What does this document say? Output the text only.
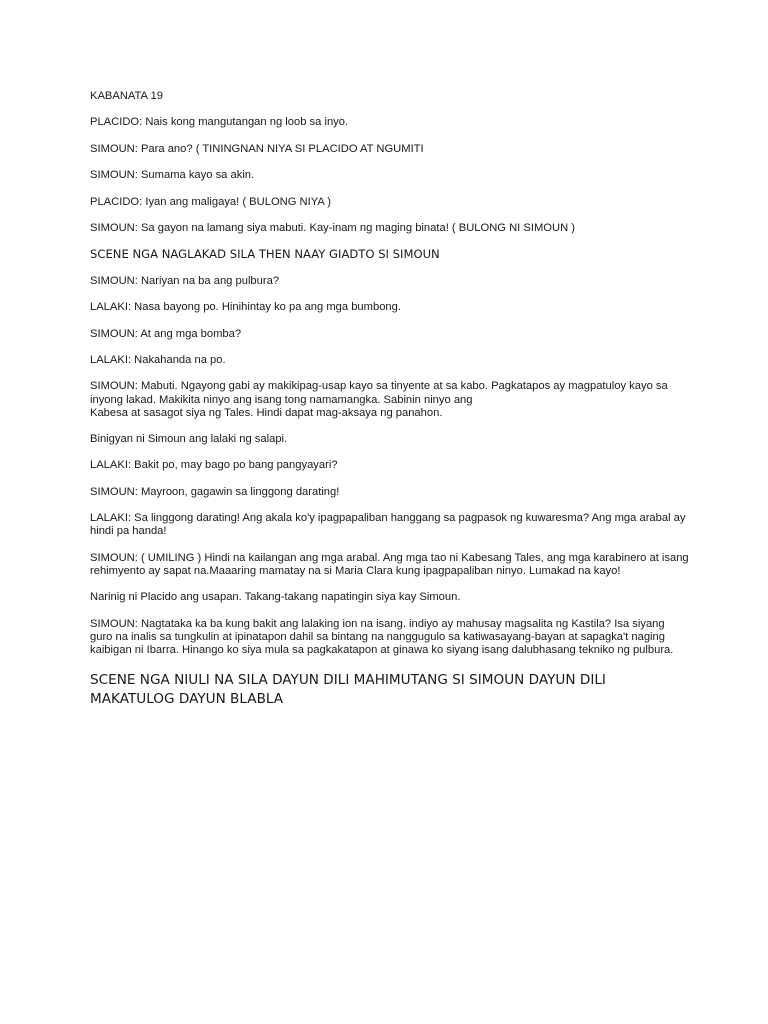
KABANATA 19
PLACIDO: Nais kong mangutangan ng loob sa inyo.
SIMOUN: Para ano? ( TININGNAN NIYA SI PLACIDO AT NGUMITI
SIMOUN: Sumama kayo sa akin.
PLACIDO: Iyan ang maligaya! ( BULONG NIYA )
SIMOUN: Sa gayon na lamang siya mabuti. Kay-inam ng maging binata! ( BULONG NI SIMOUN )
SCENE NGA NAGLAKAD SILA THEN NAAY GIADTO SI SIMOUN
SIMOUN: Nariyan na ba ang pulbura?
LALAKI: Nasa bayong po. Hinihintay ko pa ang mga bumbong.
SIMOUN: At ang mga bomba?
LALAKI: Nakahanda na po.
SIMOUN: Mabuti. Ngayong gabi ay makikipag-usap kayo sa tinyente at sa kabo. Pagkatapos ay magpatuloy kayo sa inyong lakad. Makikita ninyo ang isang tong namamangka. Sabinin ninyo ang
Kabesa at sasagot siya ng Tales. Hindi dapat mag-aksaya ng panahon.
Binigyan ni Simoun ang lalaki ng salapi.
LALAKI: Bakit po, may bago po bang pangyayari?
SIMOUN: Mayroon, gagawin sa linggong darating!
LALAKI: Sa linggong darating! Ang akala ko'y ipagpapaliban hanggang sa pagpasok ng kuwaresma? Ang mga arabal ay hindi pa handa!
SIMOUN: ( UMILING ) Hindi na kailangan ang mga arabal. Ang mga tao ni Kabesang Tales, ang mga karabinero at isang rehimyento ay sapat na.Maaaring mamatay na si Maria Clara kung ipagpapaliban ninyo. Lumakad na kayo!
Narinig ni Placido ang usapan. Takang-takang napatingin siya kay Simoun.
SIMOUN: Nagtataka ka ba kung bakit ang lalaking ion na isang. indiyo ay mahusay magsalita ng Kastila? Isa siyang guro na inalis sa tungkulin at ipinatapon dahil sa bintang na nanggugulo sa katiwasayang-bayan at sapagka't naging kaibigan ni Ibarra. Hinango ko siya mula sa pagkakatapon at ginawa ko siyang isang dalubhasang tekniko ng pulbura.
SCENE NGA NIULI NA SILA DAYUN DILI MAHIMUTANG SI SIMOUN DAYUN DILI MAKATULOG DAYUN BLABLA
